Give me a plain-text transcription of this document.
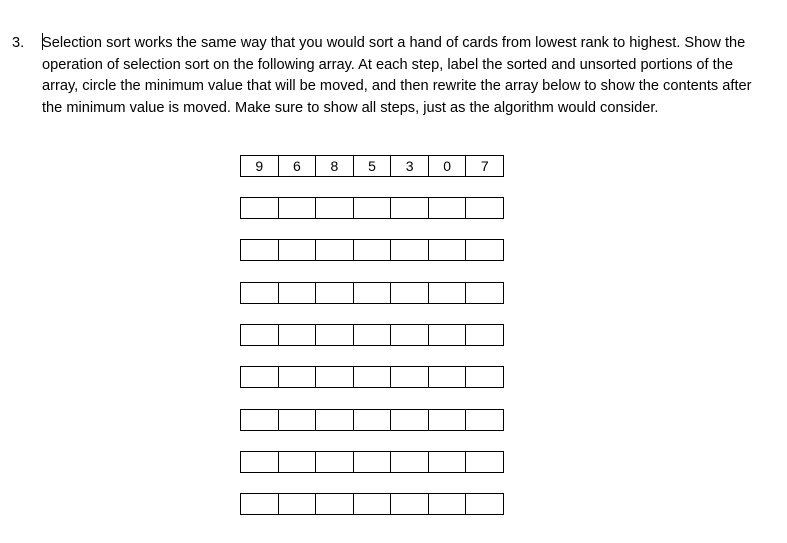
3. Selection sort works the same way that you would sort a hand of cards from lowest rank to highest. Show the operation of selection sort on the following array. At each step, label the sorted and unsorted portions of the array, circle the minimum value that will be moved, and then rewrite the array below to show the contents after the minimum value is moved. Make sure to show all steps, just as the algorithm would consider.
9	6	8	5	3	0	7
